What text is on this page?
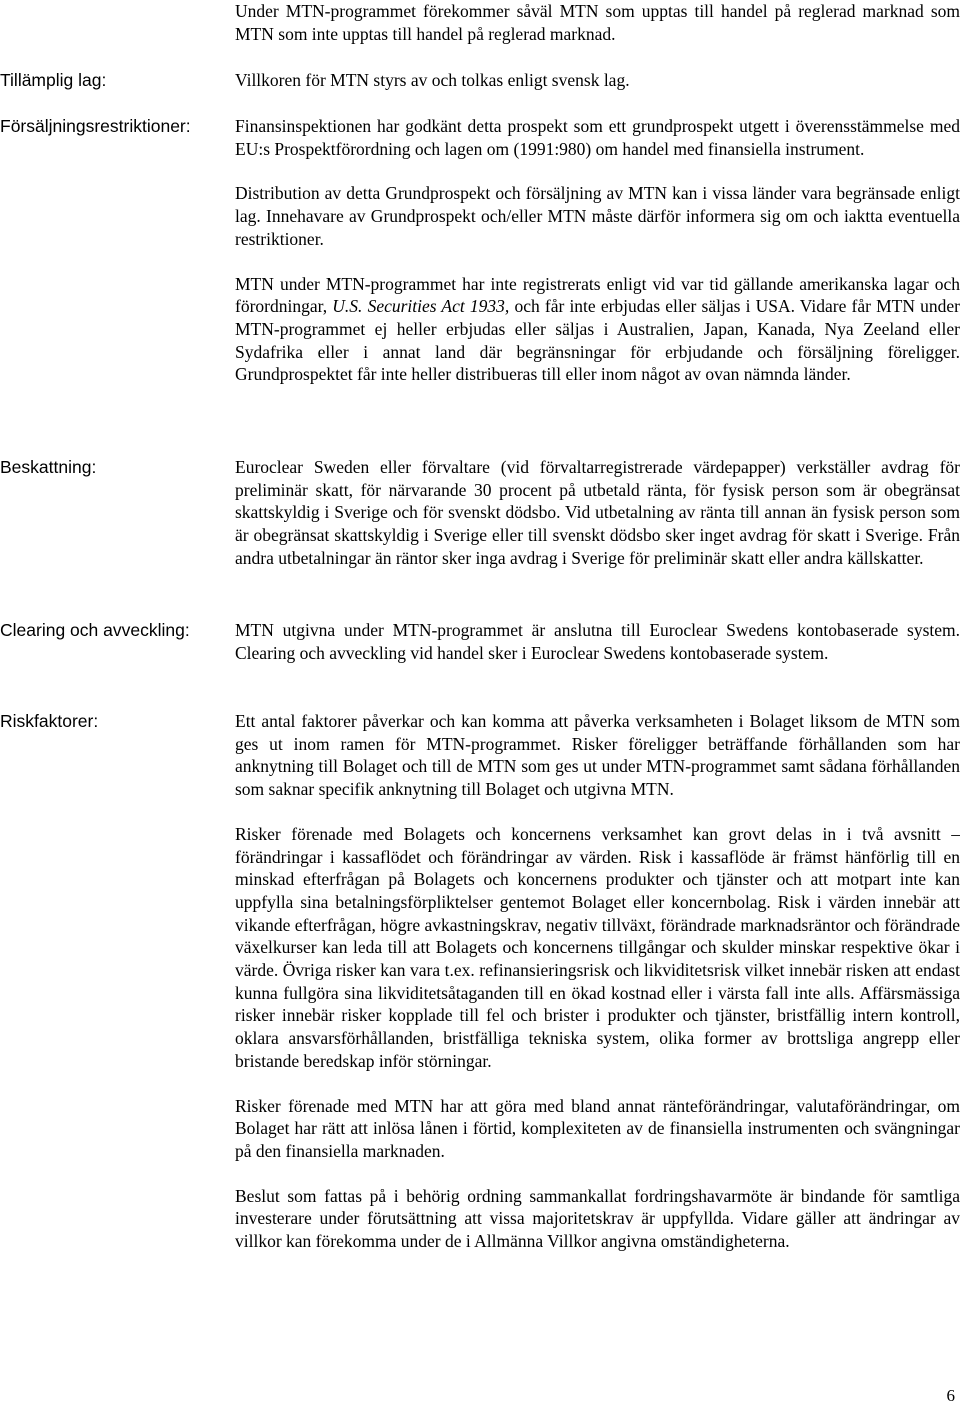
Under MTN-programmet förekommer såväl MTN som upptas till handel på reglerad marknad som MTN som inte upptas till handel på reglerad marknad.

Tillämplig lag:	Villkoren för MTN styrs av och tolkas enligt svensk lag.

Försäljningsrestriktioner:	Finansinspektionen har godkänt detta prospekt som ett grundprospekt utgett i överensstämmelse med EU:s Prospektförordning och lagen om (1991:980) om handel med finansiella instrument.

Distribution av detta Grundprospekt och försäljning av MTN kan i vissa länder vara begränsade enligt lag. Innehavare av Grundprospekt och/eller MTN måste därför informera sig om och iaktta eventuella restriktioner.

MTN under MTN-programmet har inte registrerats enligt vid var tid gällande amerikanska lagar och förordningar, U.S. Securities Act 1933, och får inte erbjudas eller säljas i USA. Vidare får MTN under MTN-programmet ej heller erbjudas eller säljas i Australien, Japan, Kanada, Nya Zeeland eller Sydafrika eller i annat land där begränsningar för erbjudande och försäljning föreligger. Grundprospektet får inte heller distribueras till eller inom något av ovan nämnda länder.

Beskattning:	Euroclear Sweden eller förvaltare (vid förvaltarregistrerade värdepapper) verkställer avdrag för preliminär skatt, för närvarande 30 procent på utbetald ränta, för fysisk person som är obegränsat skattskyldig i Sverige och för svenskt dödsbo. Vid utbetalning av ränta till annan än fysisk person som är obegränsat skattskyldig i Sverige eller till svenskt dödsbo sker inget avdrag för skatt i Sverige. Från andra utbetalningar än räntor sker inga avdrag i Sverige för preliminär skatt eller andra källskatter.

Clearing och avveckling:	MTN utgivna under MTN-programmet är anslutna till Euroclear Swedens kontobaserade system. Clearing och avveckling vid handel sker i Euroclear Swedens kontobaserade system.

Riskfaktorer:	Ett antal faktorer påverkar och kan komma att påverka verksamheten i Bolaget liksom de MTN som ges ut inom ramen för MTN-programmet. Risker föreligger beträffande förhållanden som har anknytning till Bolaget och till de MTN som ges ut under MTN-programmet samt sådana förhållanden som saknar specifik anknytning till Bolaget och utgivna MTN.

Risker förenade med Bolagets och koncernens verksamhet kan grovt delas in i två avsnitt – förändringar i kassaflödet och förändringar av värden. Risk i kassaflöde är främst hänförlig till en minskad efterfrågan på Bolagets och koncernens produkter och tjänster och att motpart inte kan uppfylla sina betalningsförpliktelser gentemot Bolaget eller koncernbolag. Risk i värden innebär att vikande efterfrågan, högre avkastningskrav, negativ tillväxt, förändrade marknadsräntor och förändrade växelkurser kan leda till att Bolagets och koncernens tillgångar och skulder minskar respektive ökar i värde. Övriga risker kan vara t.ex. refinansieringsrisk och likviditetsrisk vilket innebär risken att endast kunna fullgöra sina likviditetsåtaganden till en ökad kostnad eller i värsta fall inte alls. Affärsmässiga risker innebär risker kopplade till fel och brister i produkter och tjänster, bristfällig intern kontroll, oklara ansvarsförhållanden, bristfälliga tekniska system, olika former av brottsliga angrepp eller bristande beredskap inför störningar.

Risker förenade med MTN har att göra med bland annat ränteförändringar, valutaförändringar, om Bolaget har rätt att inlösa lånen i förtid, komplexiteten av de finansiella instrumenten och svängningar på den finansiella marknaden.

Beslut som fattas på i behörig ordning sammankallat fordringshavarmöte är bindande för samtliga investerare under förutsättning att vissa majoritetskrav är uppfyllda. Vidare gäller att ändringar av villkor kan förekomma under de i Allmänna Villkor angivna omständigheterna.

6
